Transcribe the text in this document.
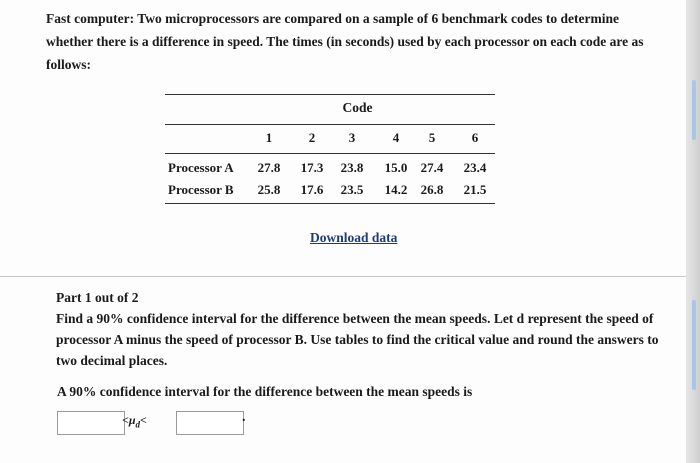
Fast computer: Two microprocessors are compared on a sample of 6 benchmark codes to determine whether there is a difference in speed. The times (in seconds) used by each processor on each code are as follows:
Code
1	2	3	4	5	6
Processor A	27.8	17.3	23.8	15.0	27.4	23.4
Processor B	25.8	17.6	23.5	14.2	26.8	21.5
Download data
Part 1 out of 2
Find a 90% confidence interval for the difference between the mean speeds. Let d represent the speed of processor A minus the speed of processor B. Use tables to find the critical value and round the answers to two decimal places.
A 90% confidence interval for the difference between the mean speeds is
$<\mu_d<$	.
